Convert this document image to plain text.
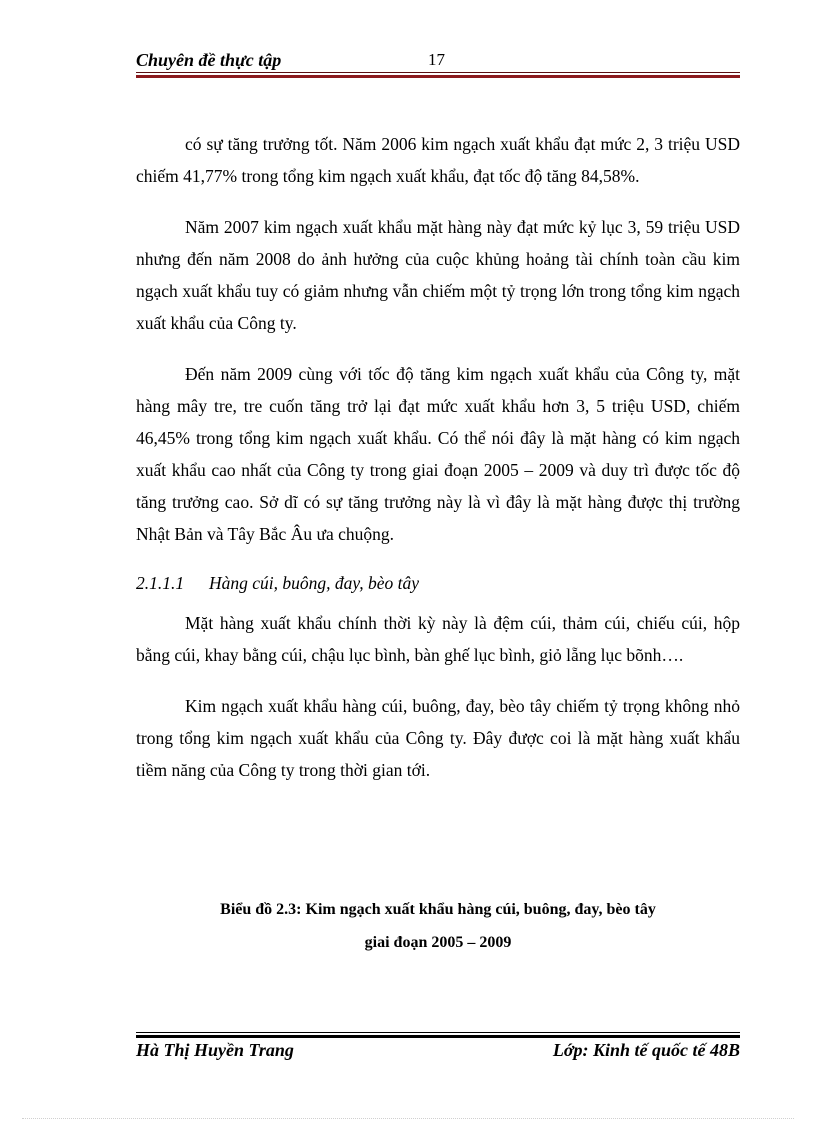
Chuyên đề thực tập	17

có sự tăng trưởng tốt. Năm 2006 kim ngạch xuất khẩu đạt mức 2, 3 triệu USD chiếm 41,77% trong tổng kim ngạch xuất khẩu, đạt tốc độ tăng 84,58%.

Năm 2007 kim ngạch xuất khẩu mặt hàng này đạt mức kỷ lục 3, 59 triệu USD nhưng đến năm 2008 do ảnh hưởng của cuộc khủng hoảng tài chính toàn cầu kim ngạch xuất khẩu tuy có giảm nhưng vẫn chiếm một tỷ trọng lớn trong tổng kim ngạch xuất khẩu của Công ty.

Đến năm 2009 cùng với tốc độ tăng kim ngạch xuất khẩu của Công ty, mặt hàng mây tre, tre cuốn tăng trở lại đạt mức xuất khẩu hơn 3, 5 triệu USD, chiếm 46,45% trong tổng kim ngạch xuất khẩu. Có thể nói đây là mặt hàng có kim ngạch xuất khẩu cao nhất của Công ty trong giai đoạn 2005 – 2009 và duy trì được tốc độ tăng trưởng cao. Sở dĩ có sự tăng trưởng này là vì đây là mặt hàng được thị trường Nhật Bản và Tây Bắc Âu ưa chuộng.

2.1.1.1	Hàng cúi, buông, đay, bèo tây

Mặt hàng xuất khẩu chính thời kỳ này là đệm cúi, thảm cúi, chiếu cúi, hộp bằng cúi, khay bằng cúi, chậu lục bình, bàn ghế lục bình, giỏ lẵng lục bõnh….

Kim ngạch xuất khẩu hàng cúi, buông, đay, bèo tây chiếm tỷ trọng không nhỏ trong tổng kim ngạch xuất khẩu của Công ty. Đây được coi là mặt hàng xuất khẩu tiềm năng của Công ty trong thời gian tới.

Biểu đồ 2.3: Kim ngạch xuất khẩu hàng cúi, buông, đay, bèo tây

giai đoạn 2005 – 2009

Hà Thị Huyền Trang	Lớp: Kinh tế quốc tế 48B
